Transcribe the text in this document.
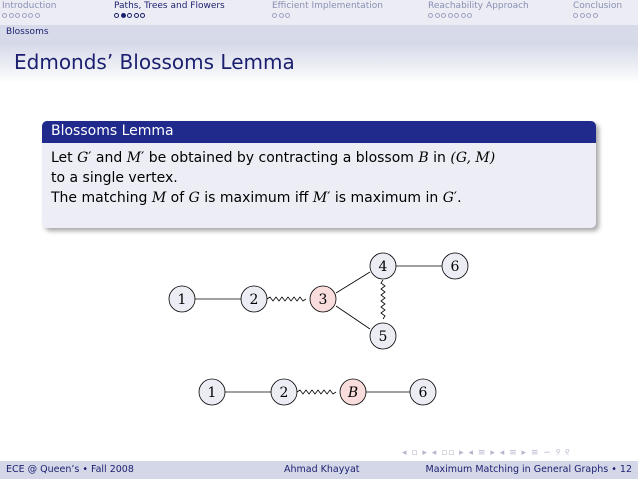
Introduction	Paths, Trees and Flowers	Efficient Implementation	Reachability Approach	Conclusion
Blossoms
Edmonds’ Blossoms Lemma
Blossoms Lemma
Let G′ and M′ be obtained by contracting a blossom B in (G, M)
to a single vertex.
The matching M of G is maximum iff M′ is maximum in G′.
1	2	3
4
5
6
1	2	B	6
◂ ▫ ▸ ◂ ▫▫ ▸ ◂ ≡ ▸ ◂ ≡ ▸ ≡ ∽ ୨ ୧
ECE @ Queen’s • Fall 2008	Ahmad Khayyat	Maximum Matching in General Graphs • 12
